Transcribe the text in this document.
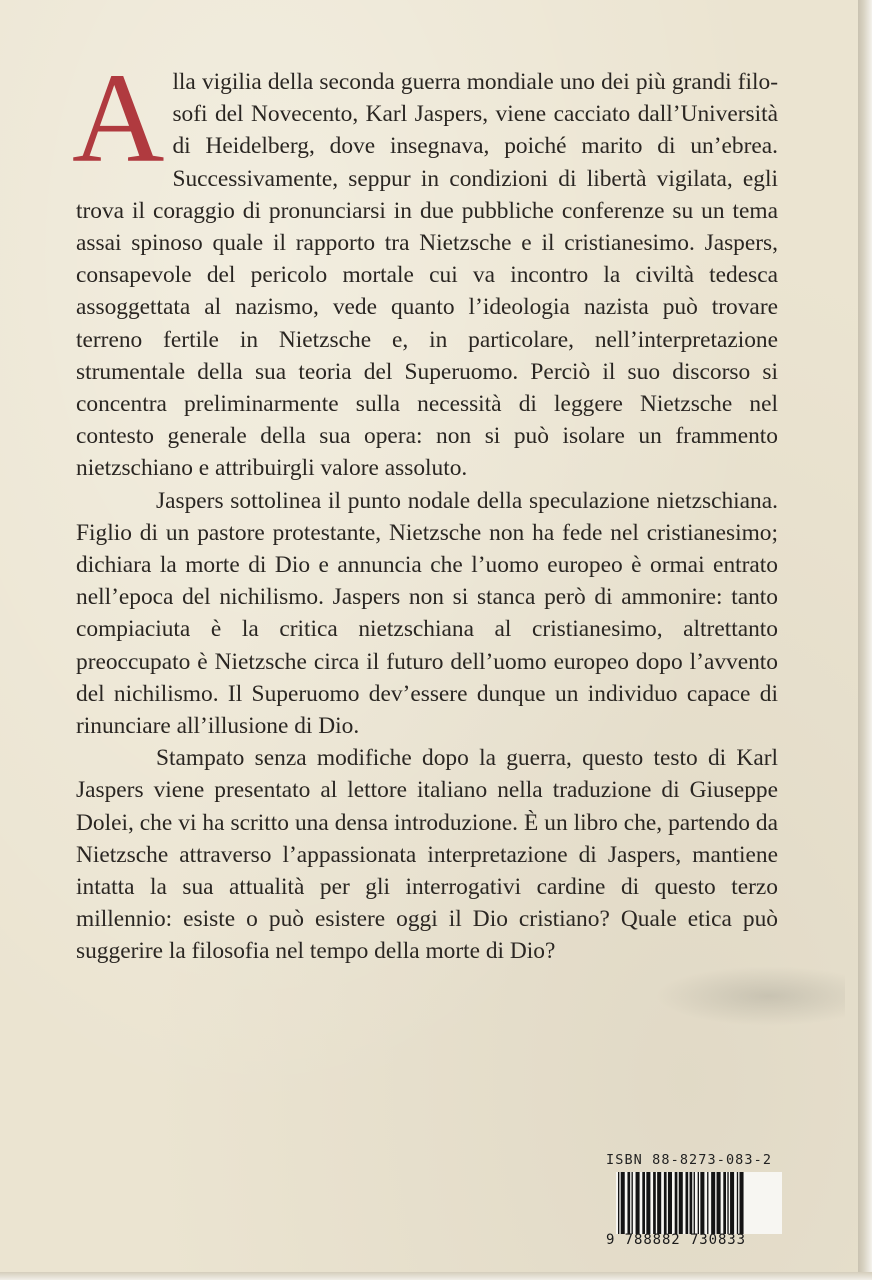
Alla vigilia della seconda guerra mondiale uno dei più grandi filosofi del Novecento, Karl Jaspers, viene cacciato dall’Università di Heidelberg, dove insegnava, poiché marito di un’ebrea. Successivamente, seppur in condizioni di libertà vigilata, egli trova il coraggio di pronunciarsi in due pubbliche conferenze su un tema assai spinoso quale il rapporto tra Nietzsche e il cristianesimo. Jaspers, consapevole del pericolo mortale cui va incontro la civiltà tedesca assoggettata al nazismo, vede quanto l’ideologia nazista può trovare terreno fertile in Nietzsche e, in particolare, nell’interpretazione strumentale della sua teoria del Superuomo. Perciò il suo discorso si concentra preliminarmente sulla necessità di leggere Nietzsche nel contesto generale della sua opera: non si può isolare un frammento nietzschiano e attribuirgli valore assoluto.

Jaspers sottolinea il punto nodale della speculazione nietzschiana. Figlio di un pastore protestante, Nietzsche non ha fede nel cristianesimo; dichiara la morte di Dio e annuncia che l’uomo europeo è ormai entrato nell’epoca del nichilismo. Jaspers non si stanca però di ammonire: tanto compiaciuta è la critica nietzschiana al cristianesimo, altrettanto preoccupato è Nietzsche circa il futuro dell’uomo europeo dopo l’avvento del nichilismo. Il Superuomo dev’essere dunque un individuo capace di rinunciare all’illusione di Dio.

Stampato senza modifiche dopo la guerra, questo testo di Karl Jaspers viene presentato al lettore italiano nella traduzione di Giuseppe Dolei, che vi ha scritto una densa introduzione. È un libro che, partendo da Nietzsche attraverso l’appassionata interpretazione di Jaspers, mantiene intatta la sua attualità per gli interrogativi cardine di questo terzo millennio: esiste o può esistere oggi il Dio cristiano? Quale etica può suggerire la filosofia nel tempo della morte di Dio?

ISBN 88-8273-083-2
9 788882 730833
